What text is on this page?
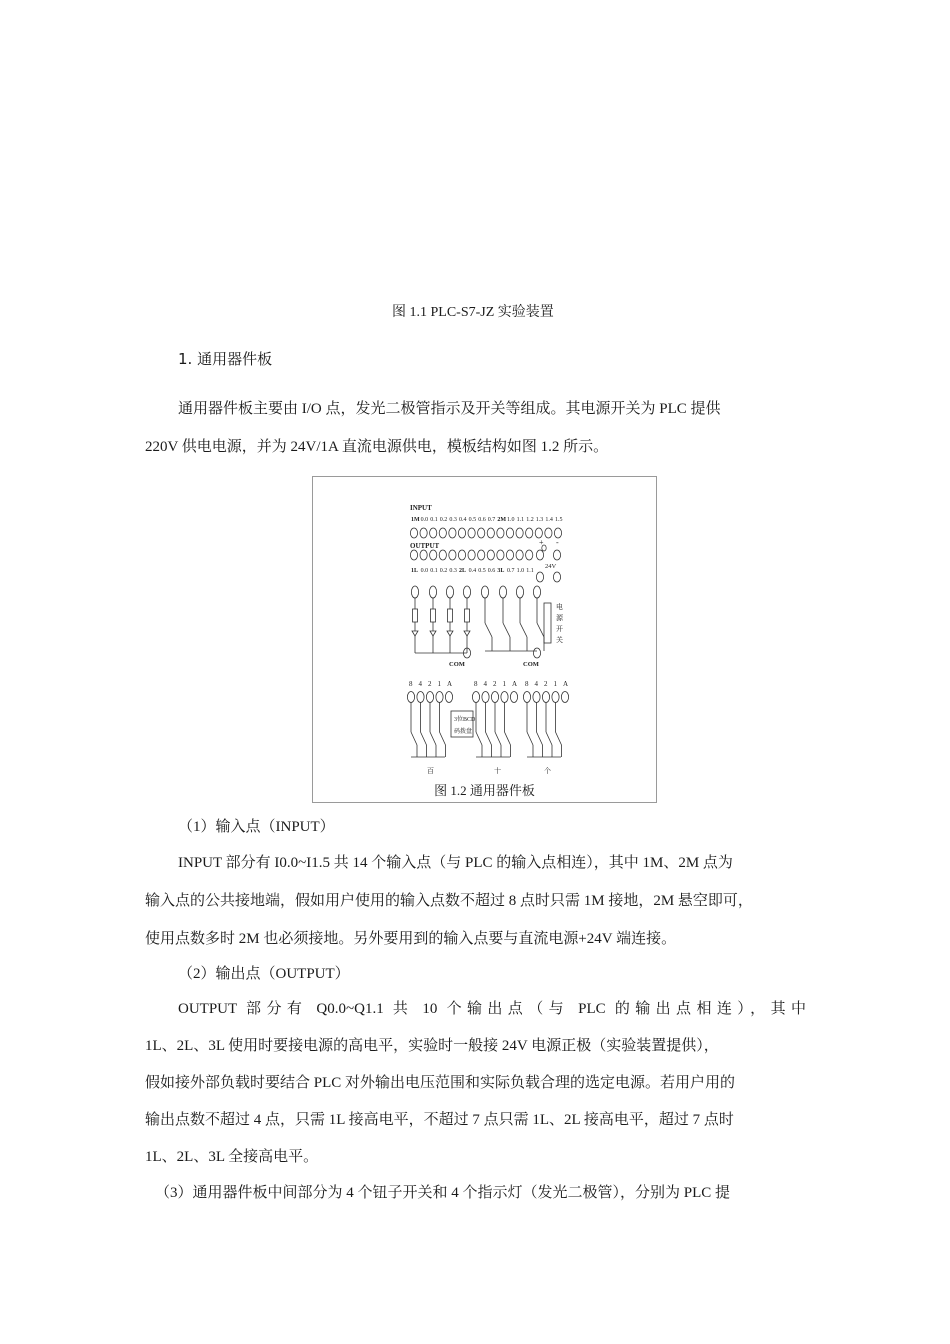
图 1.1 PLC-S7-JZ 实验装置
1. 通用器件板
通用器件板主要由 I/O 点，发光二极管指示及开关等组成。其电源开关为 PLC 提供
220V 供电电源，并为 24V/1A 直流电源供电，模板结构如图 1.2 所示。
INPUT
1M 0.0 0.1 0.2 0.3 0.4 0.5 0.6 0.7 2M 1.0 1.1 1.2 1.3 1.4 1.5
OUTPUT
1L 0.0 0.1 0.2 0.3 2L 0.4 0.5 0.6 3L 0.7 1.0 1.1
+ -
24V
电
源
开
关
COM	COM
8 4 2 1 A	8 4 2 1 A 8 4 2 1 A
3位BCD
码拨盘
百	十	个
图 1.2 通用器件板
（1）输入点（INPUT）
INPUT 部分有 I0.0~I1.5 共 14 个输入点（与 PLC 的输入点相连），其中 1M、2M 点为
输入点的公共接地端，假如用户使用的输入点数不超过 8 点时只需 1M 接地，2M 悬空即可，
使用点数多时 2M 也必须接地。另外要用到的输入点要与直流电源+24V 端连接。
（2）输出点（OUTPUT）
OUTPUT 部分有 Q0.0~Q1.1 共 10 个输出点（与 PLC 的输出点相连），其中
1L、2L、3L 使用时要接电源的高电平，实验时一般接 24V 电源正极（实验装置提供），
假如接外部负载时要结合 PLC 对外输出电压范围和实际负载合理的选定电源。若用户用的
输出点数不超过 4 点，只需 1L 接高电平，不超过 7 点只需 1L、2L 接高电平，超过 7 点时
1L、2L、3L 全接高电平。
（3）通用器件板中间部分为 4 个钮子开关和 4 个指示灯（发光二极管），分别为 PLC 提
